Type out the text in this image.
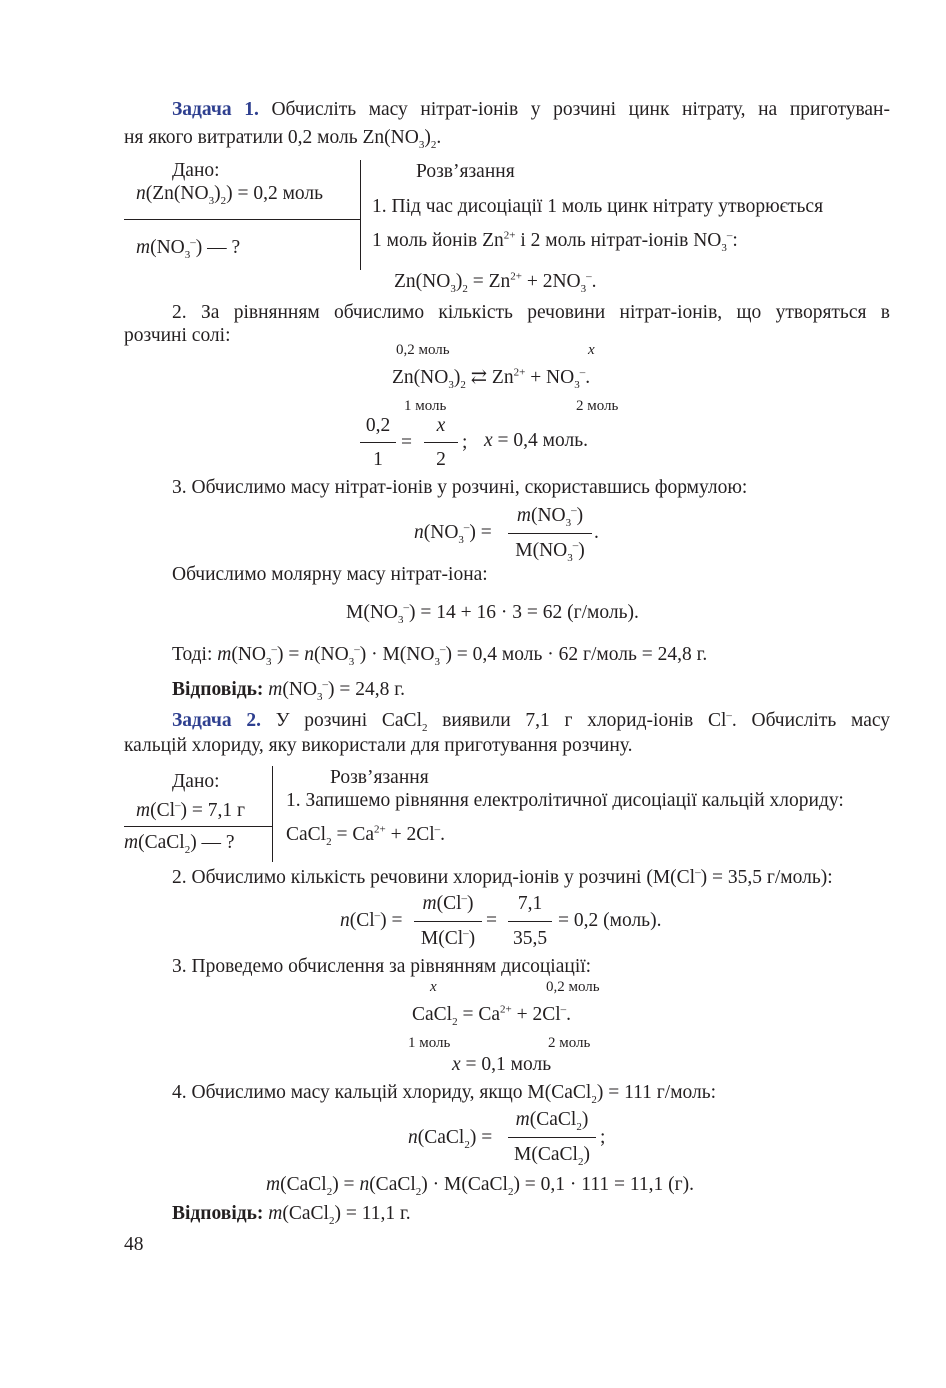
Задача 1. Обчисліть масу нітрат-іонів у розчині цинк нітрату, на приготуван-
ня якого витратили 0,2 моль $Zn(NO_3)_2$.
Дано:
$n(Zn(NO_3)_2) = 0,2$ моль
$m(NO_3^-)$ — ?
Розв’язання
1. Під час дисоціації 1 моль цинк нітрату утворюється
1 моль йонів $Zn^{2+}$ і 2 моль нітрат-іонів $NO_3^-$:
$Zn(NO_3)_2 = Zn^{2+} + 2NO_3^-$.
2. За рівнянням обчислимо кількість речовини нітрат-іонів, що утворяться в
розчині солі:
0,2 моль	x
$Zn(NO_3)_2$ ⇄ $Zn^{2+} + NO_3^-$.
1 моль	2 моль
0,2
1
=
x
2
; x = 0,4 моль.
3. Обчислимо масу нітрат-іонів у розчині, скориставшись формулою:
$n(NO_3^-)$ =
$m(NO_3^-)$
$M(NO_3^-)$
.
Обчислимо молярну масу нітрат-іона:
$M(NO_3^-) = 14 + 16 \cdot 3 = 62$ (г/моль).
Тоді: $m(NO_3^-) = n(NO_3^-) \cdot M(NO_3^-) = 0,4$ моль · 62 г/моль = 24,8 г.
Відповідь: $m(NO_3^-) = 24,8$ г.
Задача 2. У розчині CaCl$_2$ виявили 7,1 г хлорид-іонів Cl–. Обчисліть масу
кальцій хлориду, яку використали для приготування розчину.
Дано:
m(Cl–) = 7,1 г
m(CaCl$_2$) — ?
Розв’язання
1. Запишемо рівняння електролітичної дисоціації кальцій хлориду:
CaCl$_2$ = $Ca^{2+} + 2Cl^-$.
2. Обчислимо кількість речовини хлорид-іонів у розчині (M(Cl–) = 35,5 г/моль):
n(Cl–) =
m(Cl–)
M(Cl–)
=
7,1
35,5
= 0,2 (моль).
3. Проведемо обчислення за рівнянням дисоціації:
x	0,2 моль
CaCl$_2$ = $Ca^{2+} + 2Cl^-$.
1 моль	2 моль
x = 0,1 моль
4. Обчислимо масу кальцій хлориду, якщо M(CaCl$_2$) = 111 г/моль:
n(CaCl$_2$) =
m(CaCl$_2$)
M(CaCl$_2$)
;
m(CaCl$_2$) = n(CaCl$_2$) · M(CaCl$_2$) = 0,1 · 111 = 11,1 (г).
Відповідь: m(CaCl$_2$) = 11,1 г.
48
